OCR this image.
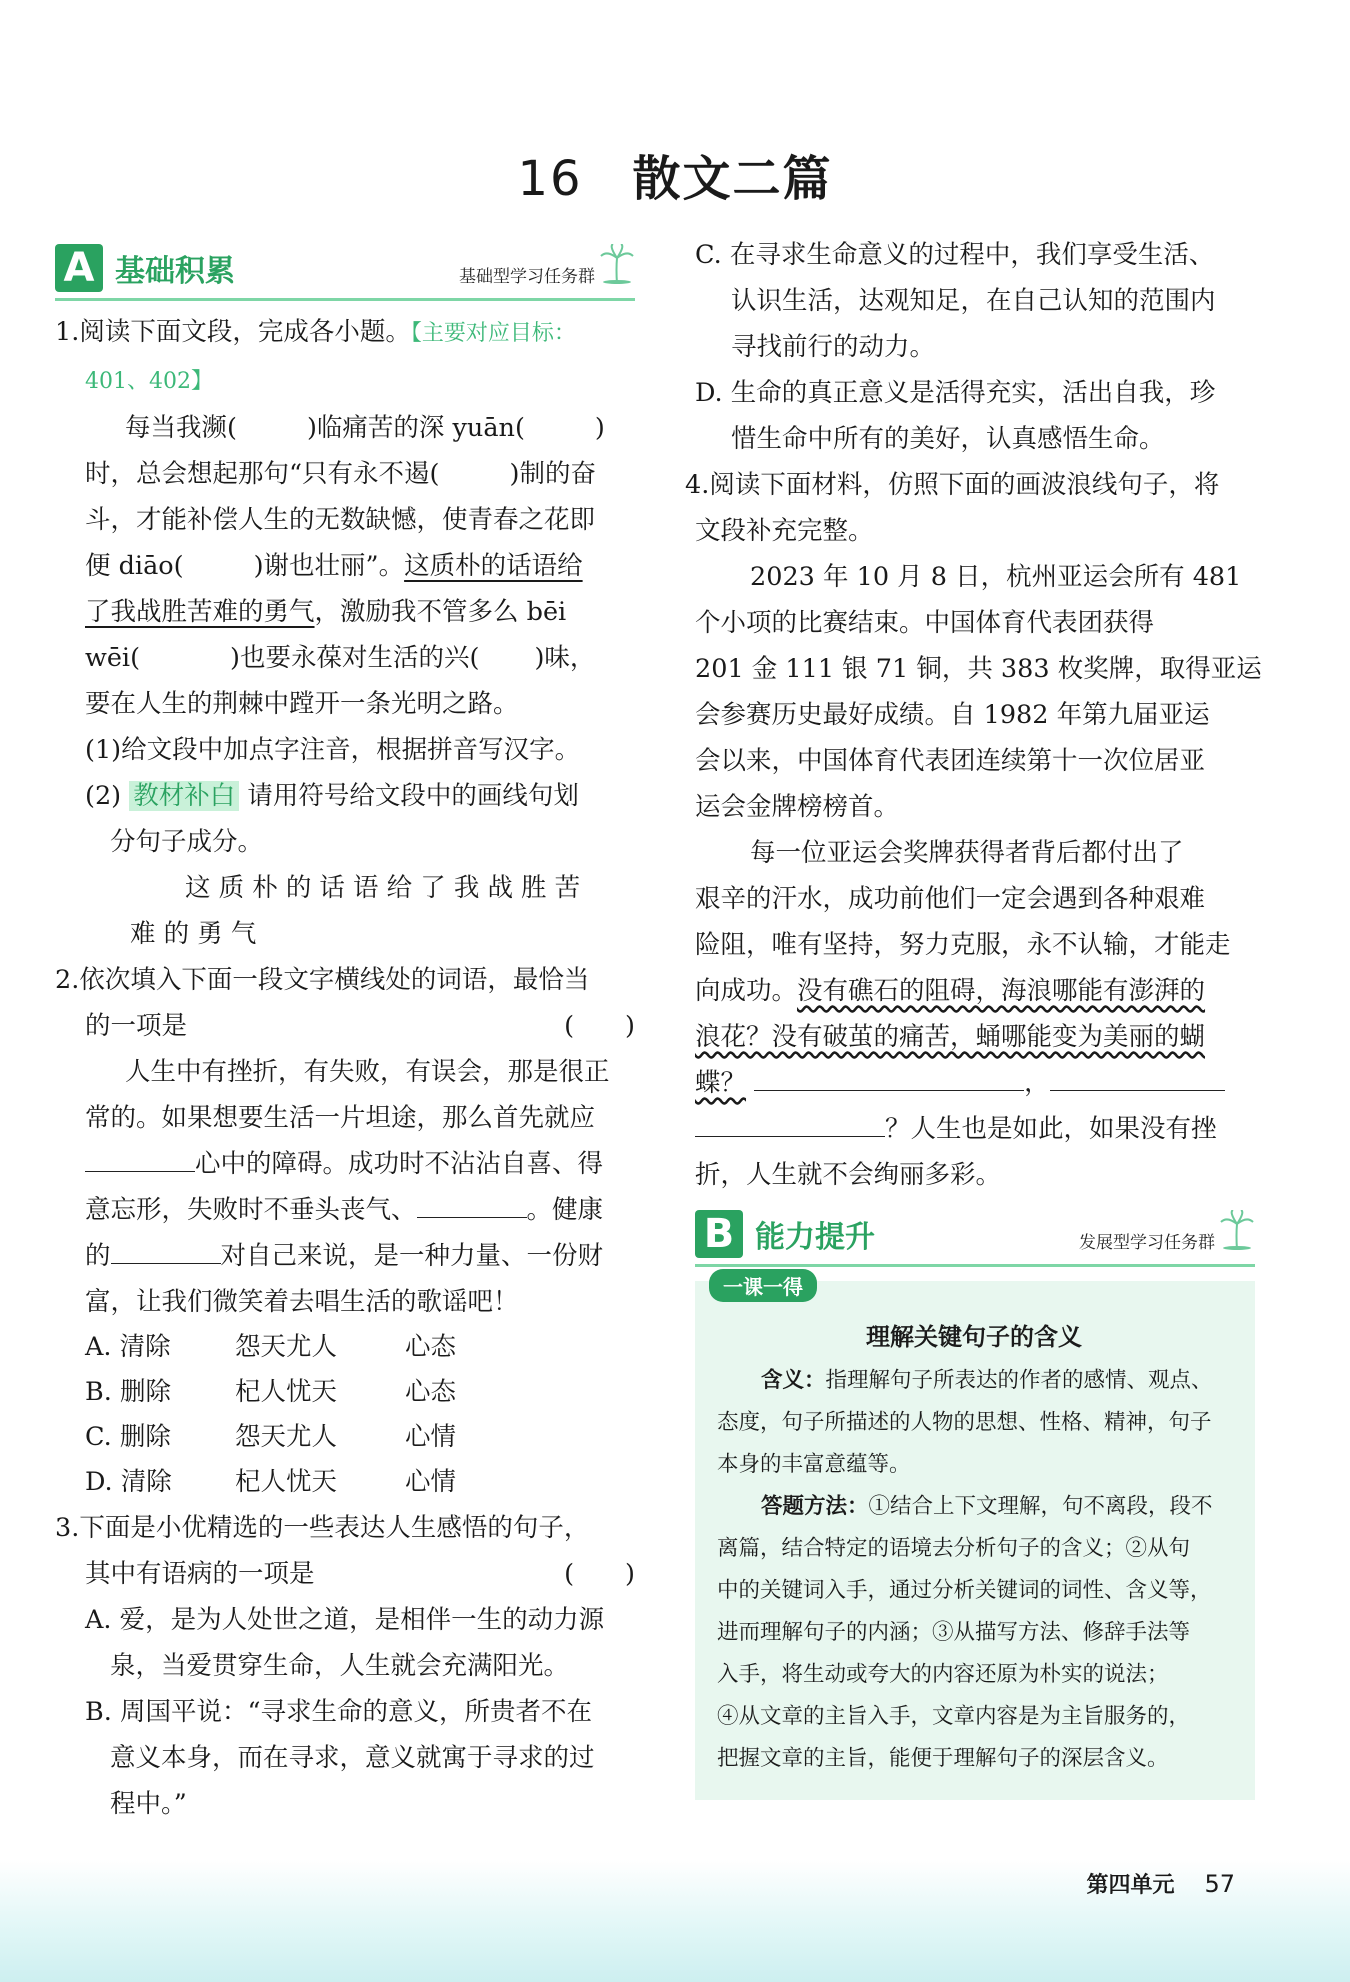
16 散文二篇
A 基础积累	基础型学习任务群
1.阅读下面文段，完成各小题。【主要对应目标：
401、402】
每当我濒(	)临痛苦的深 yuān(	)
时，总会想起那句“只有永不遏(	)制的奋
斗，才能补偿人生的无数缺憾，使青春之花即
便 diāo(	)谢也壮丽”。这质朴的话语给
了我战胜苦难的勇气，激励我不管多么 bēi
wēi(	)也要永葆对生活的兴( )味，
要在人生的荆棘中蹚开一条光明之路。
(1)给文段中加点字注音，根据拼音写汉字。
(2) 教材补白 请用符号给文段中的画线句划
分句子成分。
这 质 朴 的 话 语 给 了 我 战 胜 苦
难 的 勇 气
2.依次填入下面一段文字横线处的词语，最恰当
的一项是	(　　)
人生中有挫折，有失败，有误会，那是很正
常的。如果想要生活一片坦途，那么首先就应
心中的障碍。成功时不沾沾自喜、得
意忘形，失败时不垂头丧气、	。健康
的	对自己来说，是一种力量、一份财
富，让我们微笑着去唱生活的歌谣吧！
A. 清除	怨天尤人	心态
B. 删除	杞人忧天	心态
C. 删除	怨天尤人	心情
D. 清除 杞人忧天	心情
3.下面是小优精选的一些表达人生感悟的句子，
其中有语病的一项是	(　　)
A. 爱，是为人处世之道，是相伴一生的动力源
泉，当爱贯穿生命，人生就会充满阳光。
B. 周国平说：“寻求生命的意义，所贵者不在
意义本身，而在寻求，意义就寓于寻求的过
程中。”
C. 在寻求生命意义的过程中，我们享受生活、
认识生活，达观知足，在自己认知的范围内
寻找前行的动力。
D. 生命的真正意义是活得充实，活出自我，珍
惜生命中所有的美好，认真感悟生命。
4.阅读下面材料，仿照下面的画波浪线句子，将
文段补充完整。
2023 年 10 月 8 日，杭州亚运会所有 481
个小项的比赛结束。中国体育代表团获得
201 金 111 银 71 铜，共 383 枚奖牌，取得亚运
会参赛历史最好成绩。自 1982 年第九届亚运
会以来，中国体育代表团连续第十一次位居亚
运会金牌榜榜首。
每一位亚运会奖牌获得者背后都付出了
艰辛的汗水，成功前他们一定会遇到各种艰难
险阻，唯有坚持，努力克服，永不认输，才能走
向成功。没有礁石的阻碍，海浪哪能有澎湃的
浪花？没有破茧的痛苦，蛹哪能变为美丽的蝴
蝶？	，
？人生也是如此，如果没有挫
折，人生就不会绚丽多彩。
B 能力提升	发展型学习任务群
一课一得
理解关键句子的含义
含义：指理解句子所表达的作者的感情、观点、
态度，句子所描述的人物的思想、性格、精神，句子
本身的丰富意蕴等。
答题方法：①结合上下文理解，句不离段，段不
离篇，结合特定的语境去分析句子的含义；②从句
中的关键词入手，通过分析关键词的词性、含义等，
进而理解句子的内涵；③从描写方法、修辞手法等
入手，将生动或夸大的内容还原为朴实的说法；
④从文章的主旨入手，文章内容是为主旨服务的，
把握文章的主旨，能便于理解句子的深层含义。
第四单元 57
